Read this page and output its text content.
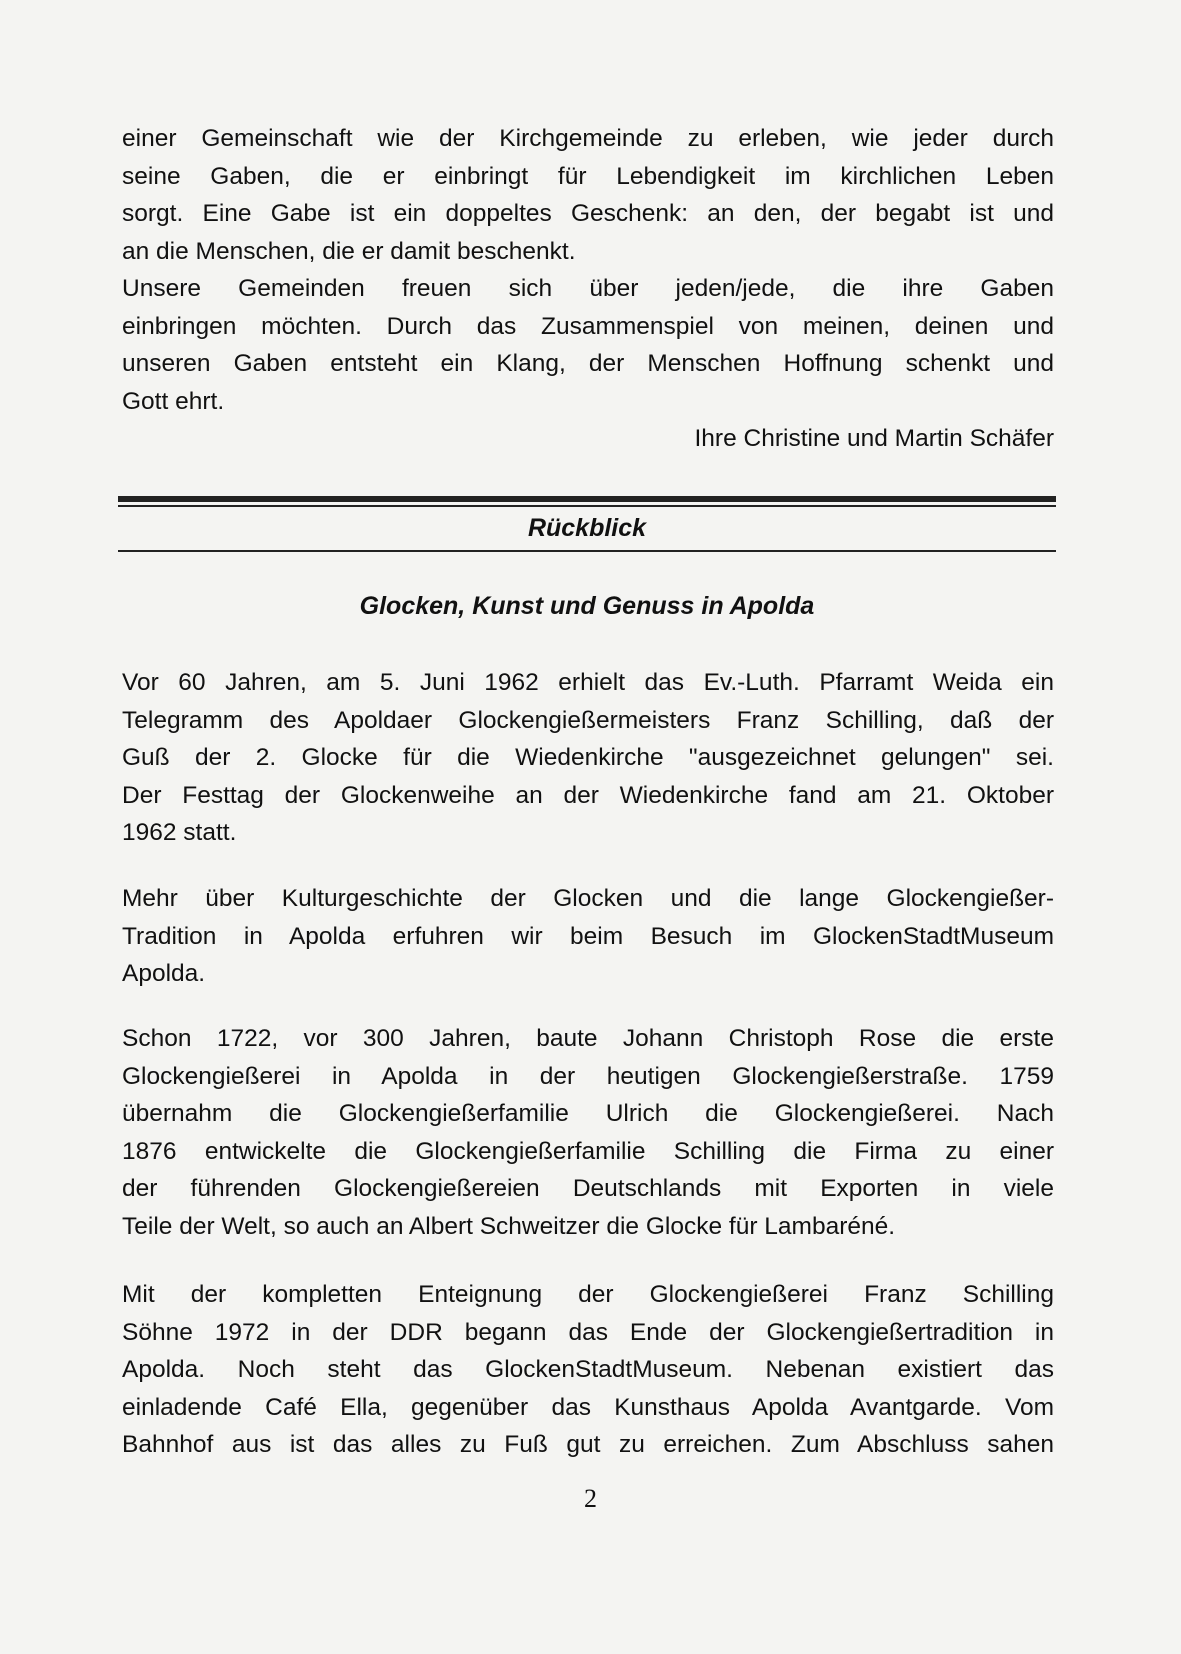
einer Gemeinschaft wie der Kirchgemeinde zu erleben, wie jeder durch
seine Gaben, die er einbringt für Lebendigkeit im kirchlichen Leben
sorgt. Eine Gabe ist ein doppeltes Geschenk: an den, der begabt ist und
an die Menschen, die er damit beschenkt.
Unsere Gemeinden freuen sich über jeden/jede, die ihre Gaben
einbringen möchten. Durch das Zusammenspiel von meinen, deinen und
unseren Gaben entsteht ein Klang, der Menschen Hoffnung schenkt und
Gott ehrt.
Ihre Christine und Martin Schäfer
Rückblick
Glocken, Kunst und Genuss in Apolda
Vor 60 Jahren, am 5. Juni 1962 erhielt das Ev.-Luth. Pfarramt Weida ein
Telegramm des Apoldaer Glockengießermeisters Franz Schilling, daß der
Guß der 2. Glocke für die Wiedenkirche "ausgezeichnet gelungen" sei.
Der Festtag der Glockenweihe an der Wiedenkirche fand am 21. Oktober
1962 statt.
Mehr über Kulturgeschichte der Glocken und die lange Glockengießer-
Tradition in Apolda erfuhren wir beim Besuch im GlockenStadtMuseum
Apolda.
Schon 1722, vor 300 Jahren, baute Johann Christoph Rose die erste
Glockengießerei in Apolda in der heutigen Glockengießerstraße. 1759
übernahm die Glockengießerfamilie Ulrich die Glockengießerei. Nach
1876 entwickelte die Glockengießerfamilie Schilling die Firma zu einer
der führenden Glockengießereien Deutschlands mit Exporten in viele
Teile der Welt, so auch an Albert Schweitzer die Glocke für Lambaréné.
Mit der kompletten Enteignung der Glockengießerei Franz Schilling
Söhne 1972 in der DDR begann das Ende der Glockengießertradition in
Apolda. Noch steht das GlockenStadtMuseum. Nebenan existiert das
einladende Café Ella, gegenüber das Kunsthaus Apolda Avantgarde. Vom
Bahnhof aus ist das alles zu Fuß gut zu erreichen. Zum Abschluss sahen
2
